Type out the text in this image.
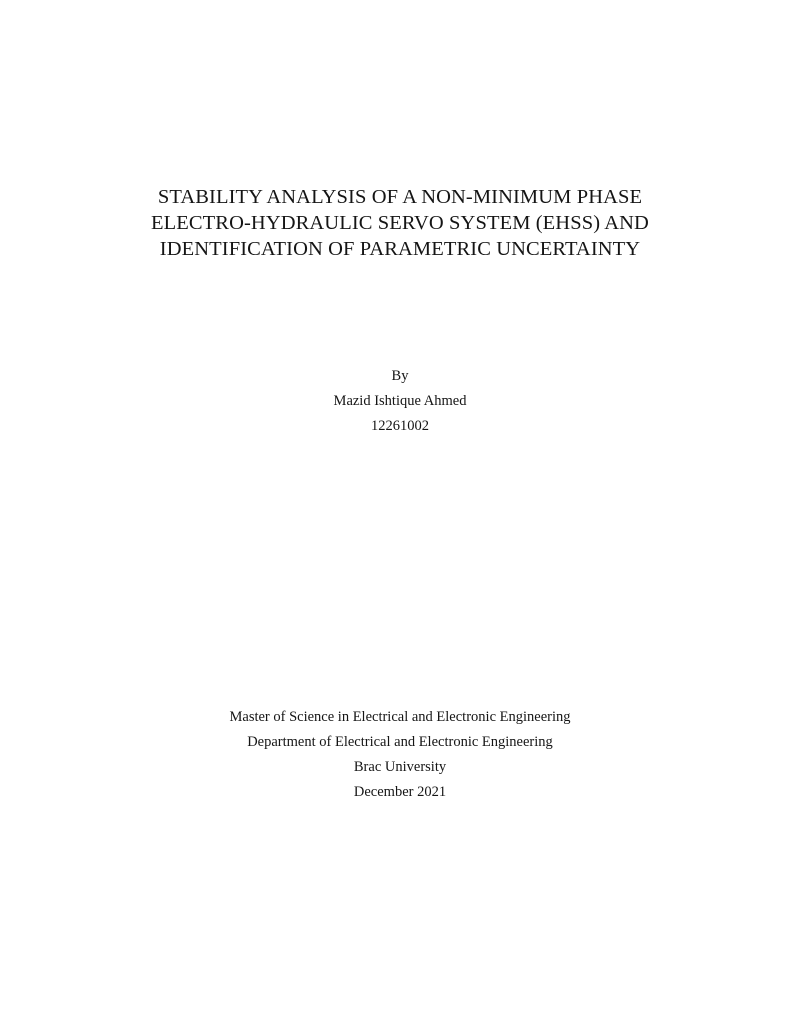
STABILITY ANALYSIS OF A NON-MINIMUM PHASE
ELECTRO-HYDRAULIC SERVO SYSTEM (EHSS) AND
IDENTIFICATION OF PARAMETRIC UNCERTAINTY
By
Mazid Ishtique Ahmed
12261002
Master of Science in Electrical and Electronic Engineering
Department of Electrical and Electronic Engineering
Brac University
December 2021
